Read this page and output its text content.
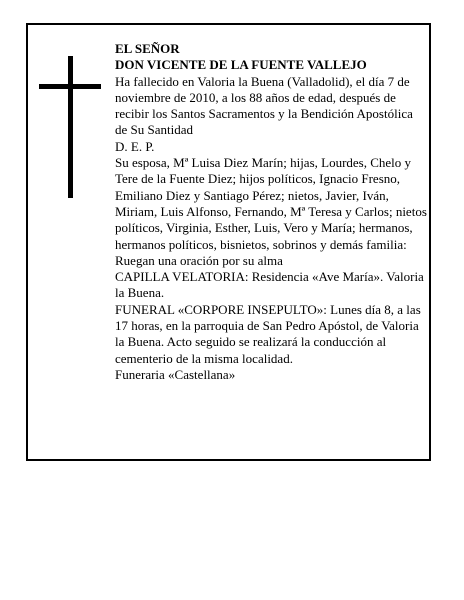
EL SEÑOR

DON VICENTE DE LA FUENTE VALLEJO

Ha fallecido en Valoria la Buena (Valladolid), el día 7 de noviembre de 2010, a los 88 años de edad, después de recibir los Santos Sacramentos y la Bendición Apostólica de Su Santidad

D. E. P.

Su esposa, Mª Luisa Diez Marín; hijas, Lourdes, Chelo y Tere de la Fuente Diez; hijos políticos, Ignacio Fresno, Emiliano Diez y Santiago Pérez; nietos, Javier, Iván, Miriam, Luis Alfonso, Fernando, Mª Teresa y Carlos; nietos políticos, Virginia, Esther, Luis, Vero y María; hermanos, hermanos políticos, bisnietos, sobrinos y demás familia:

Ruegan una oración por su alma

CAPILLA VELATORIA: Residencia «Ave María». Valoria la Buena.

FUNERAL «CORPORE INSEPULTO»: Lunes día 8, a las 17 horas, en la parroquia de San Pedro Apóstol, de Valoria la Buena. Acto seguido se realizará la conducción al cementerio de la misma localidad.

Funeraria «Castellana»
